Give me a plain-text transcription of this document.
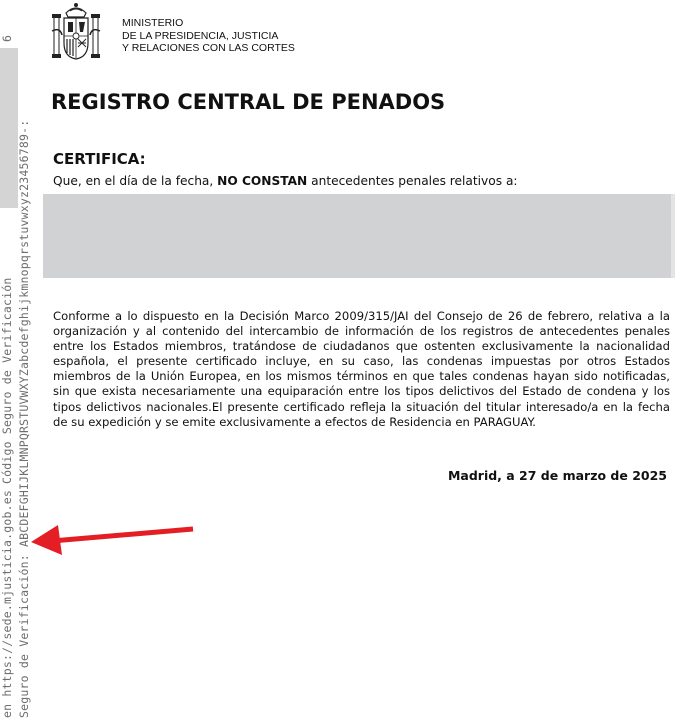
en https://sede.mjusticia.gob.esCódigo Seguro de Verificación Seguro de Verificación: ABCDEFGHIJKLMNPQRSTUVWXYZabcdefghijkmnopqrstuvwxyz23456789-:
6
MINISTERIO
DE LA PRESIDENCIA, JUSTICIA
Y RELACIONES CON LAS CORTES
REGISTRO CENTRAL DE PENADOS
CERTIFICA:
Que, en el día de la fecha, NO CONSTAN antecedentes penales relativos a:
Conforme a lo dispuesto en la Decisión Marco 2009/315/JAI del Consejo de 26 de febrero, relativa a la organización y al contenido del intercambio de información de los registros de antecedentes penales entre los Estados miembros, tratándose de ciudadanos que ostenten exclusivamente la nacionalidad española, el presente certificado incluye, en su caso, las condenas impuestas por otros Estados miembros de la Unión Europea, en los mismos términos en que tales condenas hayan sido notificadas, sin que exista necesariamente una equiparación entre los tipos delictivos del Estado de condena y los tipos delictivos nacionales.El presente certificado refleja la situación del titular interesado/a en la fecha de su expedición y se emite exclusivamente a efectos de Residencia en PARAGUAY.
Madrid, a 27 de marzo de 2025
